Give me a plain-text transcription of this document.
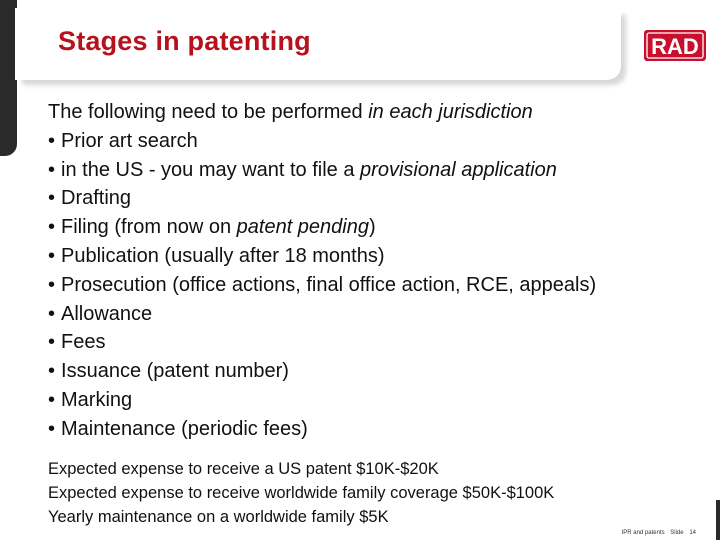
Stages in patenting	RAD
The following need to be performed in each jurisdiction
• Prior art search
• in the US - you may want to file a provisional application
• Drafting
• Filing (from now on patent pending)
• Publication (usually after 18 months)
• Prosecution (office actions, final office action, RCE, appeals)
• Allowance
• Fees
• Issuance (patent number)
• Marking
• Maintenance (periodic fees)
Expected expense to receive a US patent $10K-$20K
Expected expense to receive worldwide family coverage $50K-$100K
Yearly maintenance on a worldwide family $5K
IPR and patents Slide 14
